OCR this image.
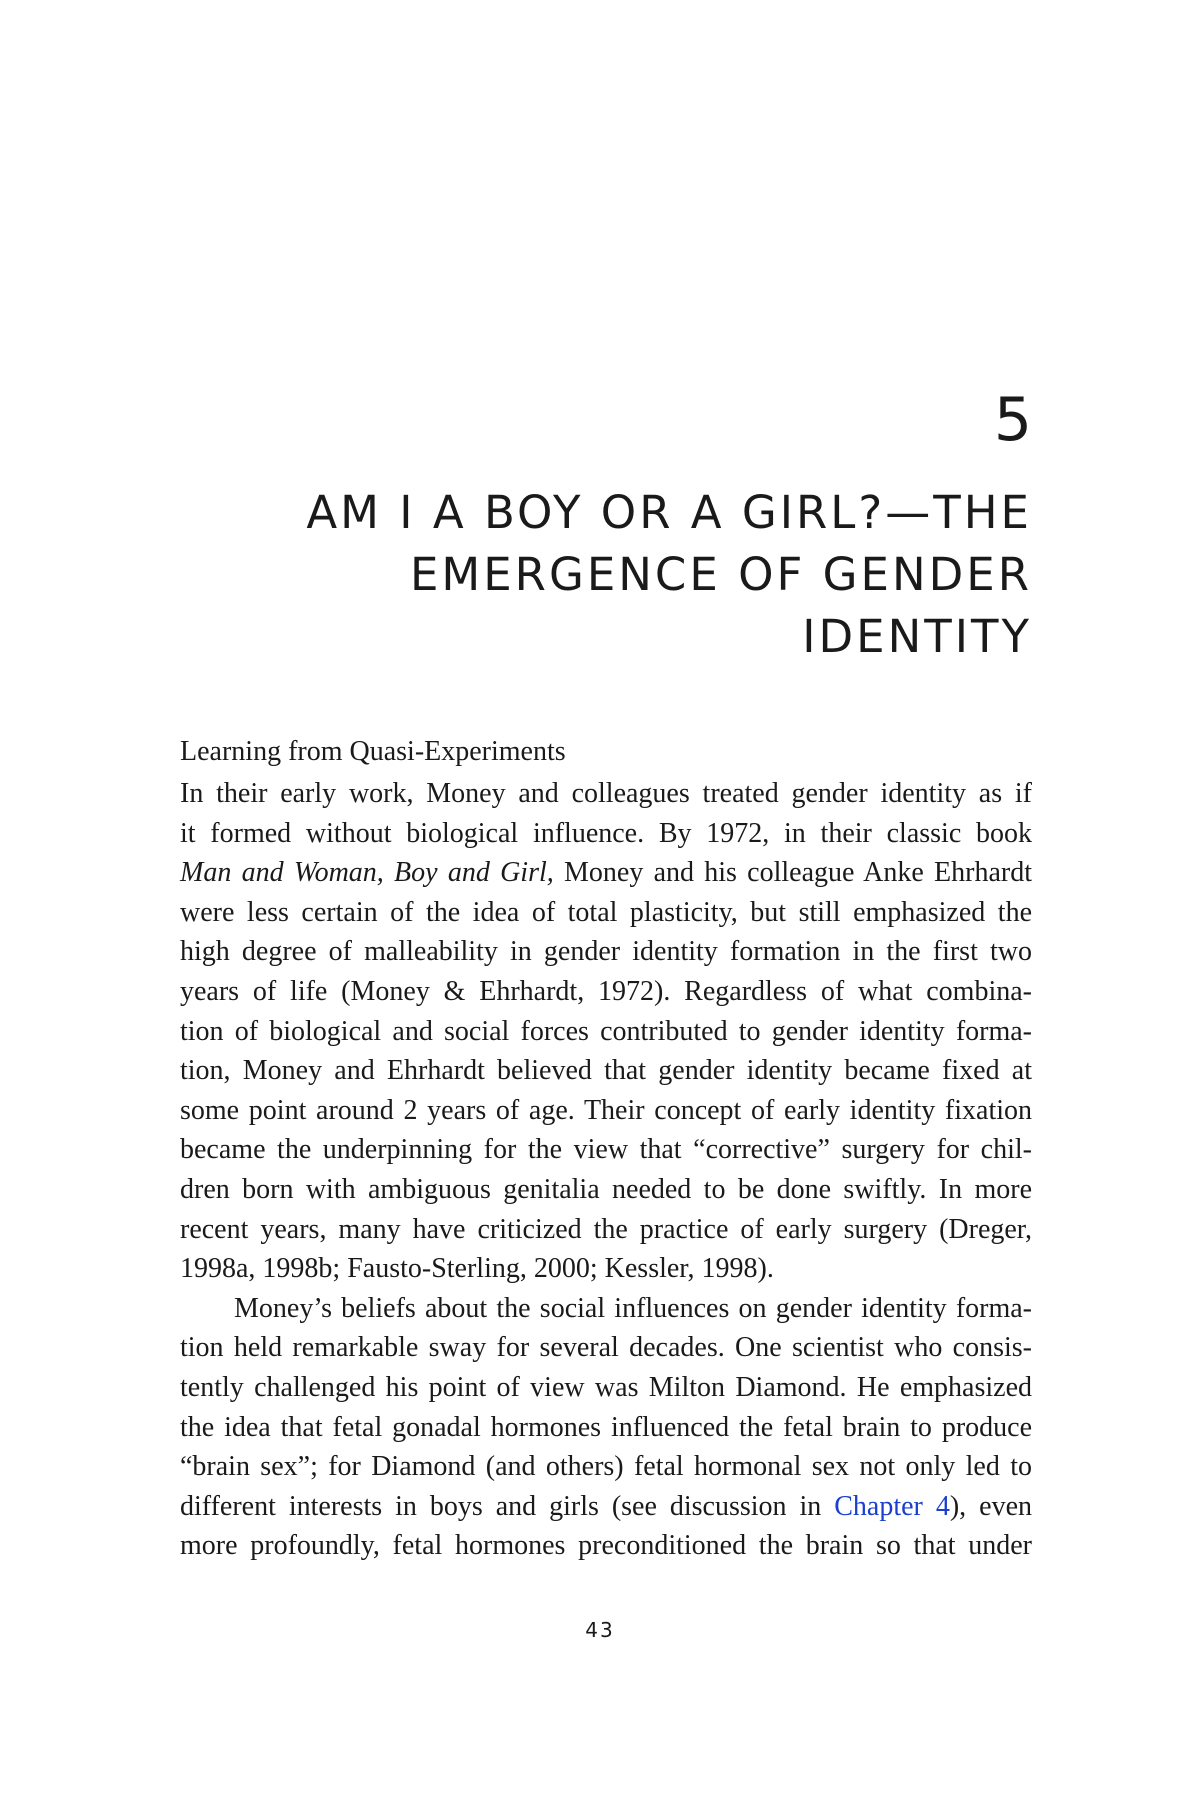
5
AM I A BOY OR A GIRL?—THE
EMERGENCE OF GENDER
IDENTITY
Learning from Quasi-Experiments
In their early work, Money and colleagues treated gender identity as if
it formed without biological influence. By 1972, in their classic book
Man and Woman, Boy and Girl, Money and his colleague Anke Ehrhardt
were less certain of the idea of total plasticity, but still emphasized the
high degree of malleability in gender identity formation in the first two
years of life (Money & Ehrhardt, 1972). Regardless of what combina-
tion of biological and social forces contributed to gender identity forma-
tion, Money and Ehrhardt believed that gender identity became fixed at
some point around 2 years of age. Their concept of early identity fixation
became the underpinning for the view that “corrective” surgery for chil-
dren born with ambiguous genitalia needed to be done swiftly. In more
recent years, many have criticized the practice of early surgery (Dreger,
1998a, 1998b; Fausto-Sterling, 2000; Kessler, 1998).
Money’s beliefs about the social influences on gender identity forma-
tion held remarkable sway for several decades. One scientist who consis-
tently challenged his point of view was Milton Diamond. He emphasized
the idea that fetal gonadal hormones influenced the fetal brain to produce
“brain sex”; for Diamond (and others) fetal hormonal sex not only led to
different interests in boys and girls (see discussion in Chapter 4), even
more profoundly, fetal hormones preconditioned the brain so that under
43
